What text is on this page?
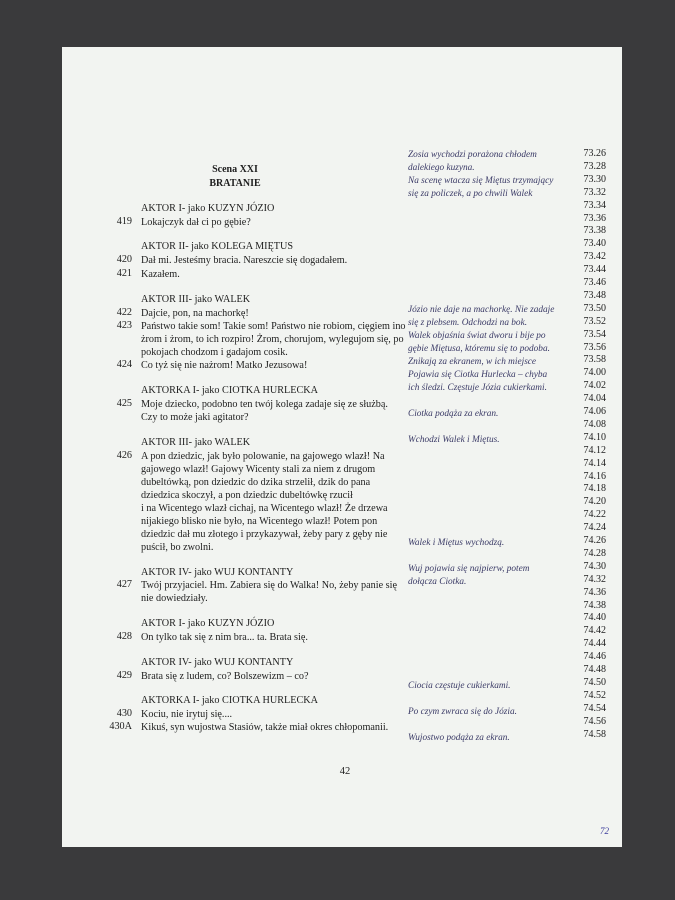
Scena XXI
BRATANIE
AKTOR I- jako KUZYN JÓZIO
419 Lokajczyk dał ci po gębie?
AKTOR II- jako KOLEGA MIĘTUS
420 Dał mi. Jesteśmy bracia. Nareszcie się dogadałem.
421 Kazałem.
AKTOR III- jako WALEK
422 Dajcie, pon, na machorkę!
423 Państwo takie som! Takie som! Państwo nie robiom, cięgiem ino
żrom i żrom, to ich rozpiro! Żrom, chorujom, wylegujom się, po
pokojach chodzom i gadajom cosik.
424 Co tyż się nie nażrom! Matko Jezusowa!
AKTORKA I- jako CIOTKA HURLECKA
425 Moje dziecko, podobno ten twój kolega zadaje się ze służbą.
Czy to może jaki agitator?
AKTOR III- jako WALEK
426 A pon dziedzic, jak było polowanie, na gajowego wlazł! Na
gajowego wlazł! Gajowy Wicenty stali za niem z drugom
dubeltówką, pon dziedzic do dzika strzelił, dzik do pana
dziedzica skoczył, a pon dziedzic dubeltówkę rzucił
i na Wicentego wlazł cichaj, na Wicentego wlazł! Że drzewa
nijakiego blisko nie było, na Wicentego wlazł! Potem pon
dziedzic dał mu złotego i przykazywał, żeby pary z gęby nie
puścił, bo zwolni.
AKTOR IV- jako WUJ KONTANTY
427 Twój przyjaciel. Hm. Zabiera się do Walka! No, żeby panie się
nie dowiedziały.
AKTOR I- jako KUZYN JÓZIO
428 On tylko tak się z nim bra... ta. Brata się.
AKTOR IV- jako WUJ KONTANTY
429 Brata się z ludem, co? Bolszewizm – co?
AKTORKA I- jako CIOTKA HURLECKA
430 Kociu, nie irytuj się....
430A Kikuś, syn wujostwa Stasiów, także miał okres chłopomanii.
Zosia wychodzi porażona chłodem
dalekiego kuzyna.
Na scenę wtacza się Miętus trzymający
się za policzek, a po chwili Walek
Józio nie daje na machorkę. Nie zadaje
się z plebsem. Odchodzi na bok.
Walek objaśnia świat dworu i bije po
gębie Miętusa, któremu się to podoba.
Znikają za ekranem, w ich miejsce
Pojawia się Ciotka Hurlecka – chyba
ich śledzi. Częstuje Józia cukierkami.
Ciotka podąża za ekran.
Wchodzi Walek i Miętus.
Walek i Miętus wychodzą.
Wuj pojawia się najpierw, potem
dołącza Ciotka.
Ciocia częstuje cukierkami.
Po czym zwraca się do Józia.
Wujostwo podąża za ekran.
73.26
73.28
73.30
73.32
73.34
73.36
73.38
73.40
73.42
73.44
73.46
73.48
73.50
73.52
73.54
73.56
73.58
74.00
74.02
74.04
74.06
74.08
74.10
74.12
74.14
74.16
74.18
74.20
74.22
74.24
74.26
74.28
74.30
74.32
74.36
74.38
74.40
74.42
74.44
74.46
74.48
74.50
74.52
74.54
74.56
74.58
42
72
